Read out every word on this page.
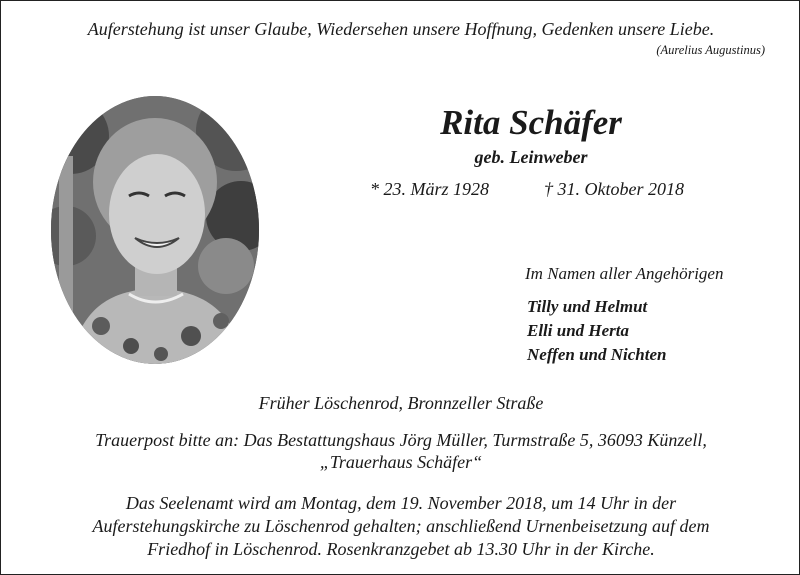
Auferstehung ist unser Glaube, Wiedersehen unsere Hoffnung, Gedenken unsere Liebe.
(Aurelius Augustinus)
Rita Schäfer
geb. Leinweber
* 23. März 1928	† 31. Oktober 2018
Im Namen aller Angehörigen
Tilly und Helmut
Elli und Herta
Neffen und Nichten
Früher Löschenrod, Bronnzeller Straße
Trauerpost bitte an: Das Bestattungshaus Jörg Müller, Turmstraße 5, 36093 Künzell,
„Trauerhaus Schäfer“
Das Seelenamt wird am Montag, dem 19. November 2018, um 14 Uhr in der
Auferstehungskirche zu Löschenrod gehalten; anschließend Urnenbeisetzung auf dem
Friedhof in Löschenrod. Rosenkranzgebet ab 13.30 Uhr in der Kirche.
